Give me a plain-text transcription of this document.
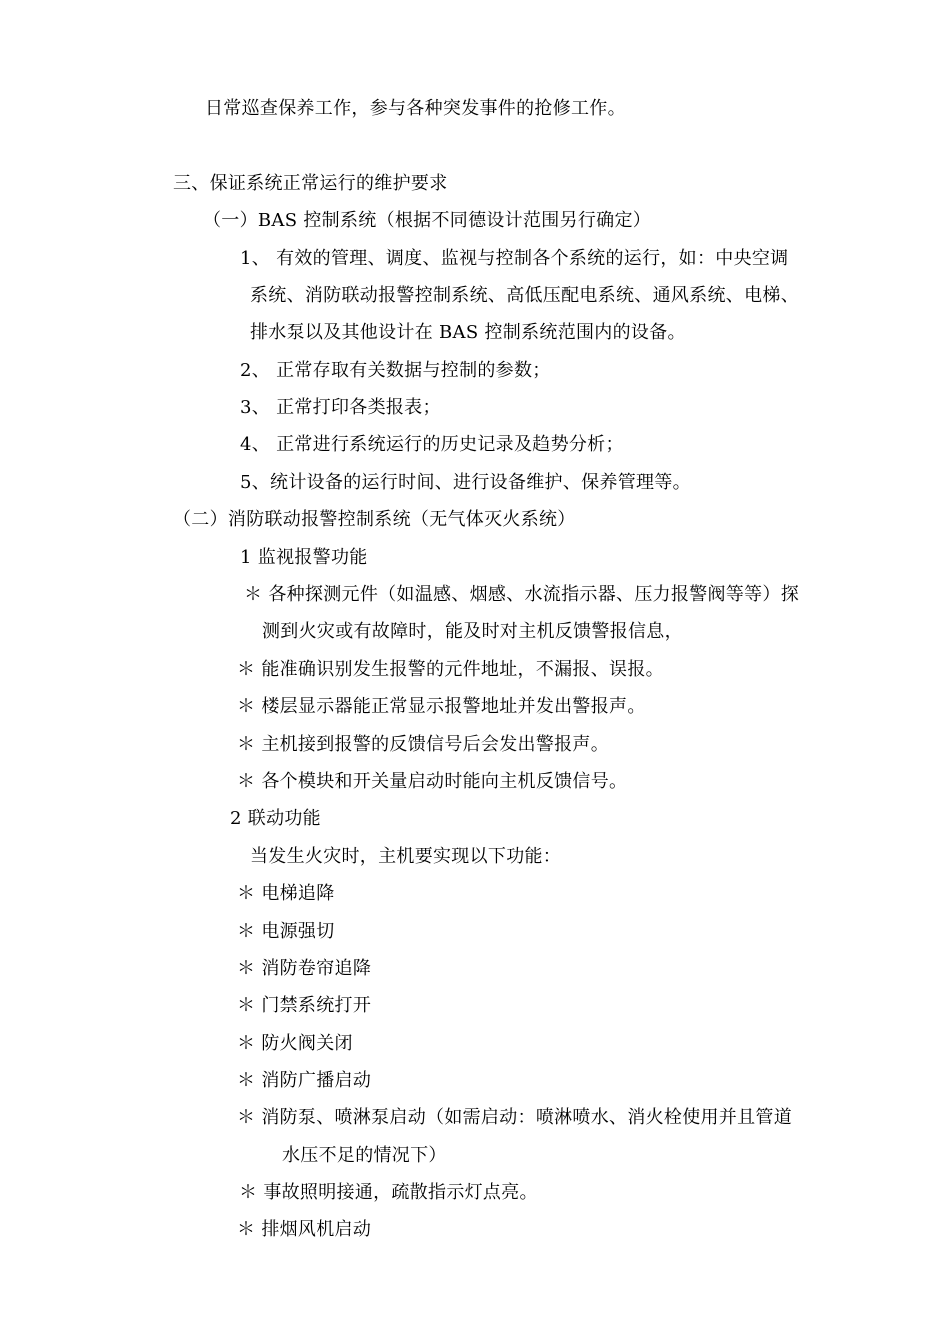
日常巡查保养工作，参与各种突发事件的抢修工作。
三、保证系统正常运行的维护要求
（一）BAS 控制系统（根据不同德设计范围另行确定）
1、 有效的管理、调度、监视与控制各个系统的运行，如：中央空调
系统、消防联动报警控制系统、高低压配电系统、通风系统、电梯、
排水泵以及其他设计在 BAS 控制系统范围内的设备。
2、 正常存取有关数据与控制的参数；
3、 正常打印各类报表；
4、 正常进行系统运行的历史记录及趋势分析；
5、统计设备的运行时间、进行设备维护、保养管理等。
（二）消防联动报警控制系统（无气体灭火系统）
1 监视报警功能
＊ 各种探测元件（如温感、烟感、水流指示器、压力报警阀等等）探
测到火灾或有故障时，能及时对主机反馈警报信息，
＊ 能准确识别发生报警的元件地址，不漏报、误报。
＊ 楼层显示器能正常显示报警地址并发出警报声。
＊ 主机接到报警的反馈信号后会发出警报声。
＊ 各个模块和开关量启动时能向主机反馈信号。
2 联动功能
当发生火灾时，主机要实现以下功能：
＊ 电梯追降
＊ 电源强切
＊ 消防卷帘追降
＊ 门禁系统打开
＊ 防火阀关闭
＊ 消防广播启动
＊ 消防泵、喷淋泵启动（如需启动：喷淋喷水、消火栓使用并且管道
水压不足的情况下）
＊ 事故照明接通，疏散指示灯点亮。
＊ 排烟风机启动
